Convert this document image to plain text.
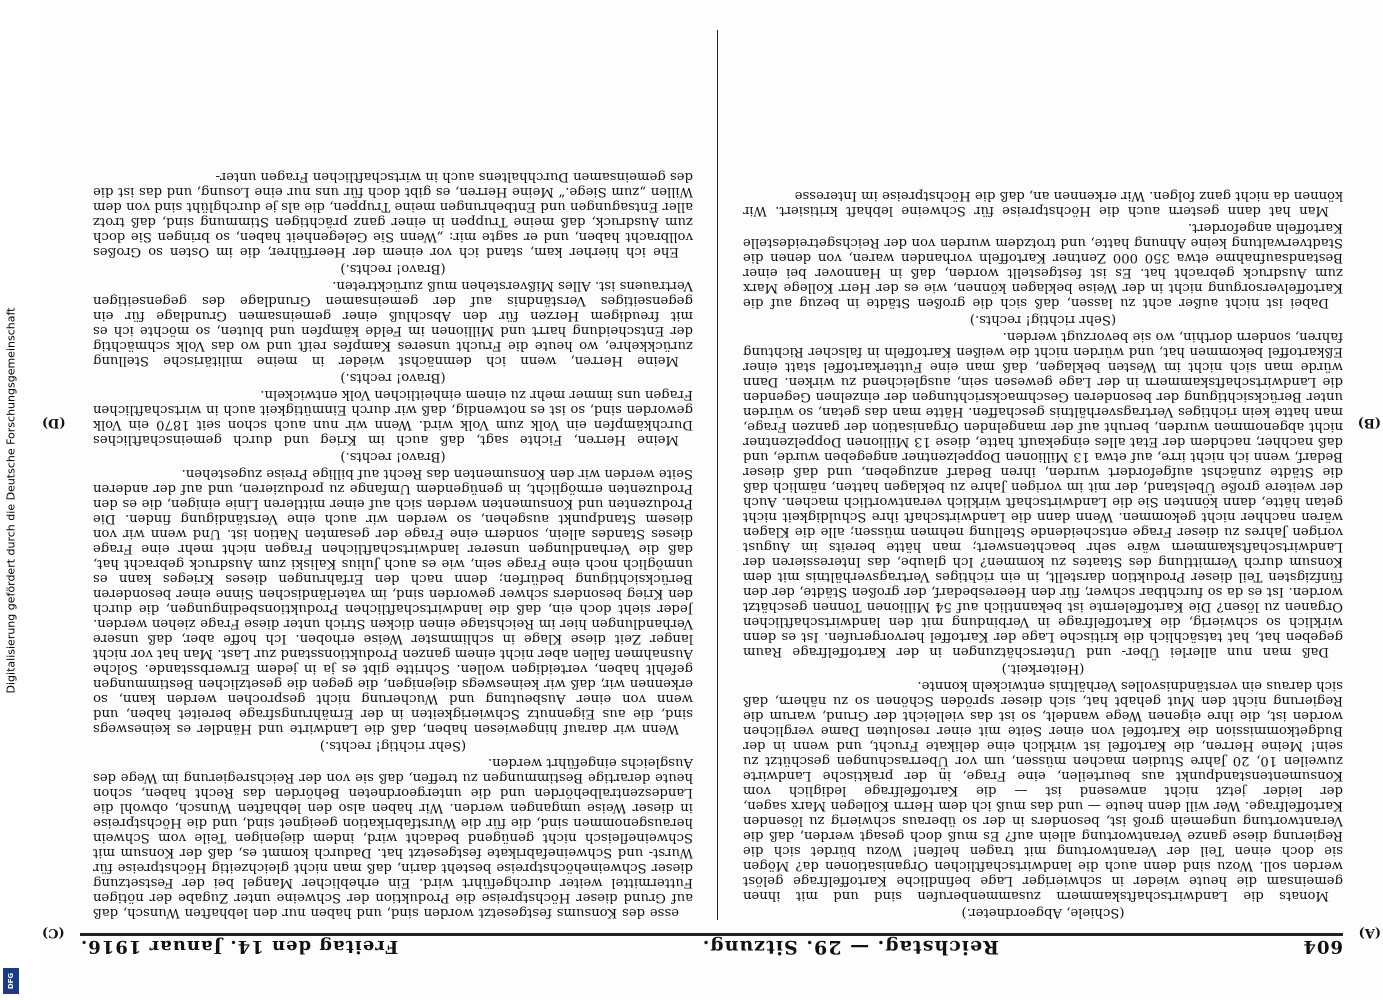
Digitalisierung gefördert durch die Deutsche Forschungsgemeinschaft
DFG
604
Reichstag. — 29. Sitzung.
Freitag den 14. Januar 1916.
(A)
(B)
(C)
(D)

(Schiele, Abgeordneter.)

Monats die Landwirtschaftskammern zusammenberufen sind und mit ihnen gemeinsam die heute wieder in schwieriger Lage befindliche Kartoffelfrage gelöst werden soll. Wozu sind denn auch die landwirtschaftlichen Organisationen da? Mögen sie doch einen Teil der Verantwortung mit tragen helfen! Wozu bürdet sich die Regierung diese ganze Verantwortung allein auf? Es muß doch gesagt werden, daß die Verantwortung ungemein groß ist, besonders in der so überaus schwierig zu lösenden Kartoffelfrage. Wer will denn heute — und das muß ich dem Herrn Kollegen Marx sagen, der leider jetzt nicht anwesend ist — die Kartoffelfrage lediglich vom Konsumentenstandpunkt aus beurteilen, eine Frage, in der praktische Landwirte zuweilen 10, 20 Jahre Studien machen müssen, um vor Überraschungen geschützt zu sein! Meine Herren, die Kartoffel ist wirklich eine delikate Frucht, und wenn in der Budgetkommission die Kartoffel von einer Seite mit einer resoluten Dame verglichen worden ist, die ihre eigenen Wege wandelt, so ist das vielleicht der Grund, warum die Regierung nicht den Mut gehabt hat, sich dieser spröden Schönen so zu nähern, daß sich daraus ein verständnisvolles Verhältnis entwickeln konnte.

(Heiterkeit.)

Daß man nun allerlei Über- und Unterschätzungen in der Kartoffelfrage Raum gegeben hat, hat tatsächlich die kritische Lage der Kartoffel hervorgerufen. Ist es denn wirklich so schwierig, die Kartoffelfrage in Verbindung mit den landwirtschaftlichen Organen zu lösen? Die Kartoffelernte ist bekanntlich auf 54 Millionen Tonnen geschätzt worden. Ist es da so furchtbar schwer, für den Heeresbedarf, der großen Städte, der den fünfzigsten Teil dieser Produktion darstellt, in ein richtiges Vertragsverhältnis mit dem Konsum durch Vermittlung des Staates zu kommen? Ich glaube, das Interessieren der Landwirtschaftskammern wäre sehr beachtenswert; man hätte bereits im August vorigen Jahres zu dieser Frage entscheidende Stellung nehmen müssen; alle die Klagen wären nachher nicht gekommen. Wenn dann die Landwirtschaft ihre Schuldigkeit nicht getan hätte, dann könnten Sie die Landwirtschaft wirklich verantwortlich machen. Auch der weitere große Übelstand, der mit im vorigen Jahre zu beklagen hatten, nämlich daß die Städte zunächst aufgefordert wurden, ihren Bedarf anzugeben, und daß dieser Bedarf, wenn ich nicht irre, auf etwa 13 Millionen Doppelzentner angegeben wurde, und daß nachher, nachdem der Etat alles eingekauft hatte, diese 13 Millionen Doppelzentner nicht abgenommen wurden, beruht auf der mangelnden Organisation der ganzen Frage, man hatte kein richtiges Vertragsverhältnis geschaffen. Hätte man das getan, so würden unter Berücksichtigung der besonderen Geschmacksrichtungen der einzelnen Gegenden die Landwirtschaftskammern in der Lage gewesen sein, ausgleichend zu wirken. Dann würde man sich nicht im Westen beklagen, daß man eine Futterkartoffel statt einer Eßkartoffel bekommen hat, und würden nicht die weißen Kartoffeln in falscher Richtung fahren, sondern dorthin, wo sie bevorzugt werden.

(Sehr richtig! rechts.)

Dabei ist nicht außer acht zu lassen, daß sich die großen Städte in bezug auf die Kartoffelversorgung nicht in der Weise beklagen können, wie es der Herr Kollege Marx zum Ausdruck gebracht hat. Es ist festgestellt worden, daß in Hannover bei einer Bestandsaufnahme etwa 350 000 Zentner Kartoffeln vorhanden waren, von denen die Stadtverwaltung keine Ahnung hatte, und trotzdem wurden von der Reichsgetreidestelle Kartoffeln angefordert.

Man hat dann gestern auch die Höchstpreise für Schweine lebhaft kritisiert. Wir können da nicht ganz folgen. Wir erkennen an, daß die Höchstpreise im Interesse

esse des Konsums festgesetzt worden sind, und haben nur den lebhaften Wunsch, daß auf Grund dieser Höchstpreise die Produktion der Schweine unter Zugabe der nötigen Futtermittel weiter durchgeführt wird. Ein erheblicher Mangel bei der Festsetzung dieser Schweinehöchstpreise besteht darin, daß man nicht gleichzeitig Höchstpreise für Wurst- und Schweinefabrikate festgesetzt hat. Dadurch kommt es, daß der Konsum mit Schweinefleisch nicht genügend bedacht wird, indem diejenigen Teile vom Schwein herausgenommen sind, die für die Wurstfabrikation geeignet sind, und die Höchstpreise in dieser Weise umgangen werden. Wir haben also den lebhaften Wunsch, obwohl die Landeszentralbehörden und die untergeordneten Behörden das Recht haben, schon heute derartige Bestimmungen zu treffen, daß sie von der Reichsregierung im Wege des Ausgleichs eingeführt werden.

(Sehr richtig! rechts.)

Wenn wir darauf hingewiesen haben, daß die Landwirte und Händler es keineswegs sind, die aus Eigennutz Schwierigkeiten in der Ernährungsfrage bereitet haben, und wenn von einer Ausbeutung und Wucherung nicht gesprochen werden kann, so erkennen wir, daß wir keineswegs diejenigen, die gegen die gesetzlichen Bestimmungen gefehlt haben, verteidigen wollen. Schritte gibt es ja in jedem Erwerbsstande. Solche Ausnahmen fallen aber nicht einem ganzen Produktionsstand zur Last. Man hat vor nicht langer Zeit diese Klage in schlimmster Weise erhoben. Ich hoffe aber, daß unsere Verhandlungen hier im Reichstage einen dicken Strich unter diese Frage ziehen werden. Jeder sieht doch ein, daß die landwirtschaftlichen Produktionsbedingungen, die durch den Krieg besonders schwer geworden sind, im vaterländischen Sinne einer besonderen Berücksichtigung bedürfen; denn nach den Erfahrungen dieses Krieges kann es unmöglich noch eine Frage sein, wie es auch Julius Kaliski zum Ausdruck gebracht hat, daß die Verhandlungen unserer landwirtschaftlichen Fragen nicht mehr eine Frage dieses Standes allein, sondern eine Frage der gesamten Nation ist. Und wenn wir von diesem Standpunkt ausgehen, so werden wir auch eine Verständigung finden. Die Produzenten und Konsumenten werden sich auf einer mittleren Linie einigen, die es den Produzenten ermöglicht, in genügendem Umfange zu produzieren, und auf der anderen Seite werden wir den Konsumenten das Recht auf billige Preise zugestehen.

(Bravo! rechts.)

Meine Herren, Fichte sagt, daß auch im Krieg und durch gemeinschaftliches Durchkämpfen ein Volk zum Volk wird. Wenn wir nun auch schon seit 1870 ein Volk geworden sind, so ist es notwendig, daß wir durch Einmütigkeit auch in wirtschaftlichen Fragen uns immer mehr zu einem einheitlichen Volk entwickeln.

(Bravo! rechts.)

Meine Herren, wenn ich demnächst wieder in meine militärische Stellung zurückkehre, wo heute die Frucht unseres Kampfes reift und wo das Volk schmächtig der Entscheidung harrt und Millionen im Felde kämpfen und bluten, so möchte ich es mit freudigem Herzen für den Abschluß einer gemeinsamen Grundlage für ein gegenseitiges Verständnis auf der gemeinsamen Grundlage des gegenseitigen Vertrauens ist. Alles Mißverstehen muß zurücktreten.

(Bravo! rechts.)

Ehe ich hierher kam, stand ich vor einem der Heerführer, die im Osten so Großes vollbracht haben, und er sagte mir: „Wenn Sie Gelegenheit haben, so bringen Sie doch zum Ausdruck, daß meine Truppen in einer ganz prächtigen Stimmung sind, daß trotz aller Entsagungen und Entbehrungen meine Truppen, die als je durchglüht sind von dem Willen „zum Siege.“ Meine Herren, es gibt doch für uns nur eine Losung, und das ist die des gemeinsamen Durchhaltens auch in wirtschaftlichen Fragen unter-
